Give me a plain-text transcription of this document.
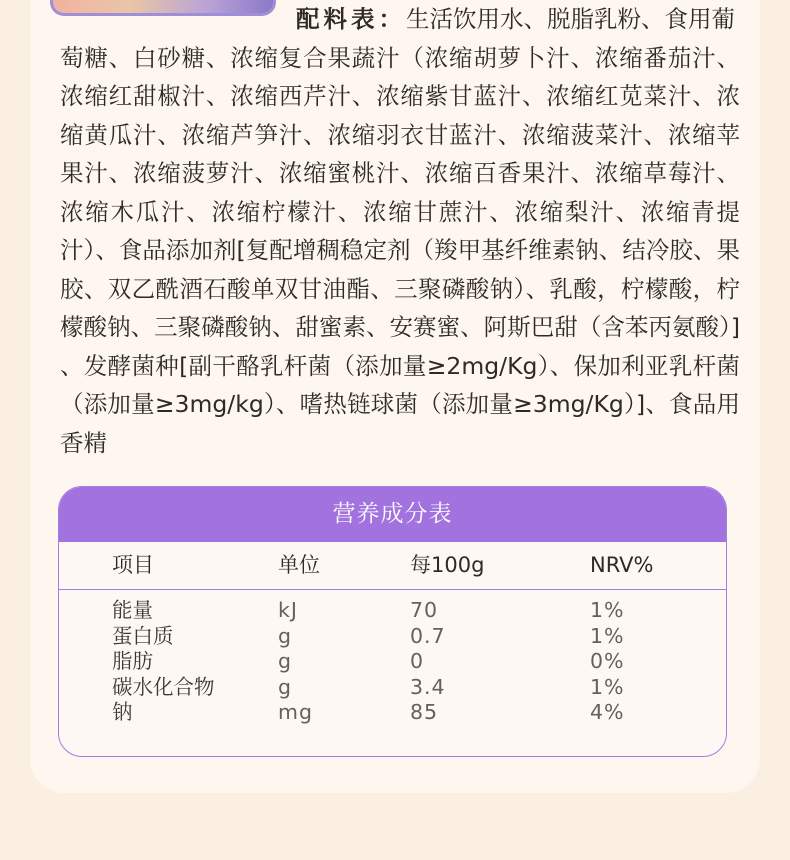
配料表：生活饮用水、脱脂乳粉、食用葡
萄糖、白砂糖、浓缩复合果蔬汁（浓缩胡萝卜汁、浓缩番茄汁、浓缩红甜椒汁、浓缩西芹汁、浓缩紫甘蓝汁、浓缩红苋菜汁、浓缩黄瓜汁、浓缩芦笋汁、浓缩羽衣甘蓝汁、浓缩菠菜汁、浓缩苹果汁、浓缩菠萝汁、浓缩蜜桃汁、浓缩百香果汁、浓缩草莓汁、浓缩木瓜汁、浓缩柠檬汁、浓缩甘蔗汁、浓缩梨汁、浓缩青提汁）、食品添加剂[复配增稠稳定剂（羧甲基纤维素钠、结冷胶、果胶、双乙酰酒石酸单双甘油酯、三聚磷酸钠）、乳酸，柠檬酸，柠檬酸钠、三聚磷酸钠、甜蜜素、安赛蜜、阿斯巴甜（含苯丙氨酸）] 、发酵菌种[副干酪乳杆菌（添加量≥2mg/Kg）、保加利亚乳杆菌（添加量≥3mg/kg）、嗜热链球菌（添加量≥3mg/Kg）]、食品用香精
营养成分表
项目	单位	每100g	NRV%
能量	kJ	70	1%
蛋白质	g	0.7	1%
脂肪	g	0	0%
碳水化合物	g	3.4	1%
钠	mg	85	4%
